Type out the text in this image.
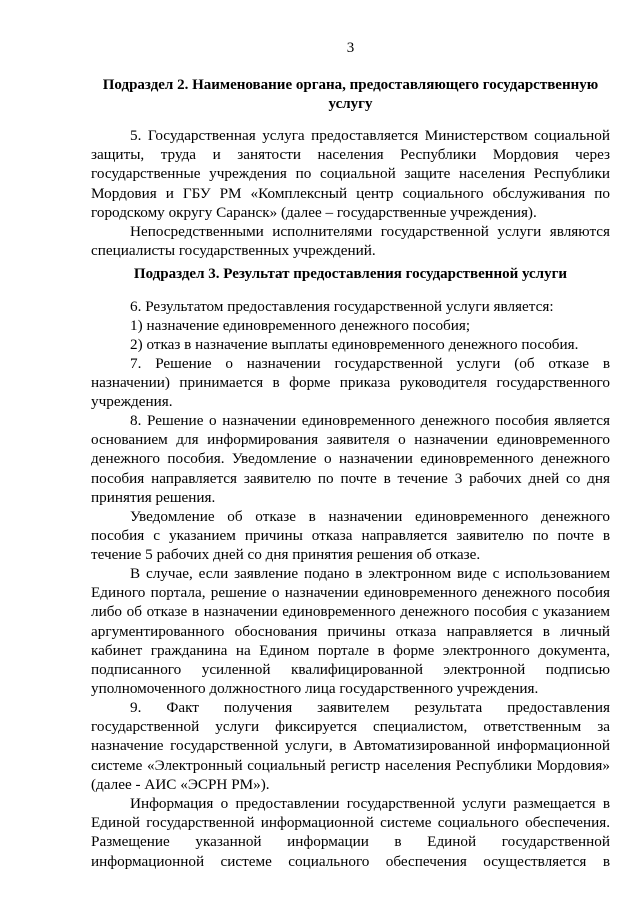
3
Подраздел 2. Наименование органа, предоставляющего государственную
услугу
5. Государственная услуга предоставляется Министерством социальной
защиты, труда и занятости населения Республики Мордовия через
государственные учреждения по социальной защите населения Республики
Мордовия и ГБУ РМ «Комплексный центр социального обслуживания по
городскому округу Саранск» (далее – государственные учреждения).
Непосредственными исполнителями государственной услуги являются
специалисты государственных учреждений.
Подраздел 3. Результат предоставления государственной услуги
6. Результатом предоставления государственной услуги является:
1) назначение единовременного денежного пособия;
2) отказ в назначение выплаты единовременного денежного пособия.
7. Решение о назначении государственной услуги (об отказе в
назначении) принимается в форме приказа руководителя государственного
учреждения.
8. Решение о назначении единовременного денежного пособия является
основанием для информирования заявителя о назначении единовременного
денежного пособия. Уведомление о назначении единовременного денежного
пособия направляется заявителю по почте в течение 3 рабочих дней со дня
принятия решения.
Уведомление об отказе в назначении единовременного денежного
пособия с указанием причины отказа направляется заявителю по почте в
течение 5 рабочих дней со дня принятия решения об отказе.
В случае, если заявление подано в электронном виде с использованием
Единого портала, решение о назначении единовременного денежного пособия
либо об отказе в назначении единовременного денежного пособия с указанием
аргументированного обоснования причины отказа направляется в личный
кабинет гражданина на Едином портале в форме электронного документа,
подписанного усиленной квалифицированной электронной подписью
уполномоченного должностного лица государственного учреждения.
9. Факт получения заявителем результата предоставления
государственной услуги фиксируется специалистом, ответственным за
назначение государственной услуги, в Автоматизированной информационной
системе «Электронный социальный регистр населения Республики Мордовия»
(далее - АИС «ЭСРН РМ»).
Информация о предоставлении государственной услуги размещается в
Единой государственной информационной системе социального обеспечения.
Размещение указанной информации в Единой государственной
информационной системе социального обеспечения осуществляется в
